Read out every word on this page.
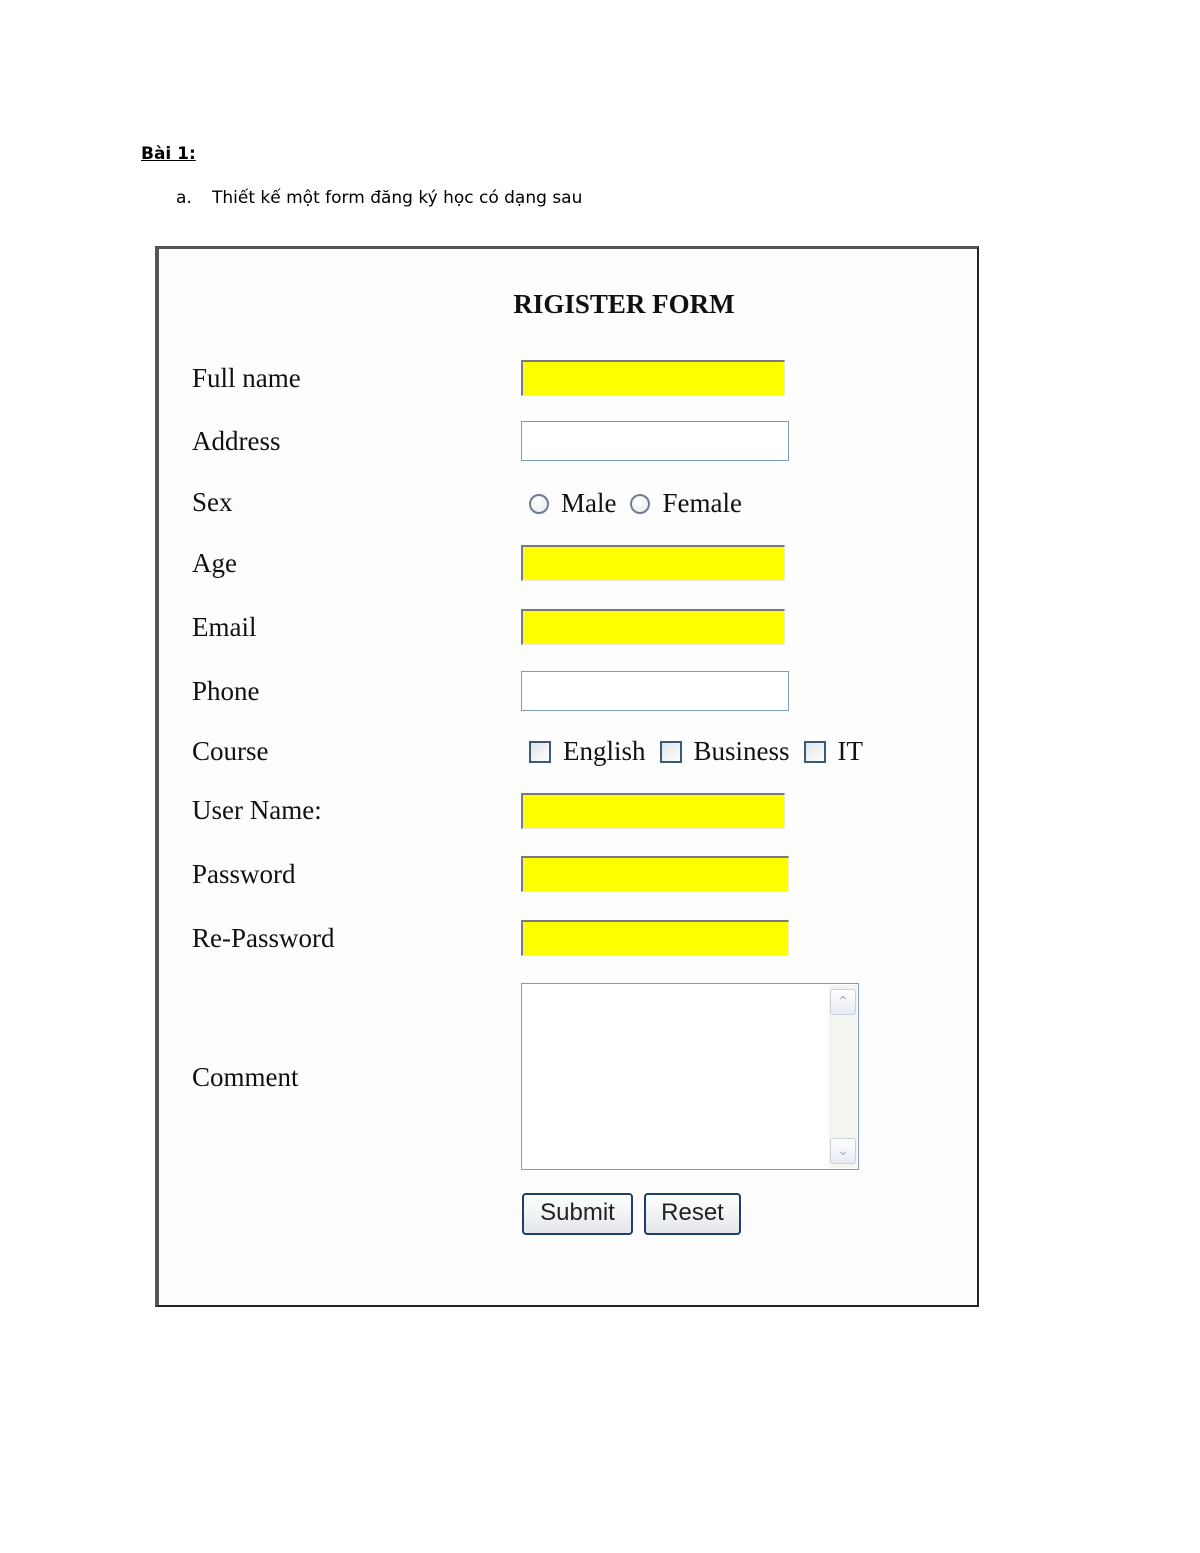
Bài 1:
a. Thiết kế một form đăng ký học có dạng sau
RIGISTER FORM
Full name
Address
Sex	Male Female
Age
Email
Phone
Course	English Business IT
User Name:
Password
Re-Password
Comment
⌃
⌄
Submit	Reset
